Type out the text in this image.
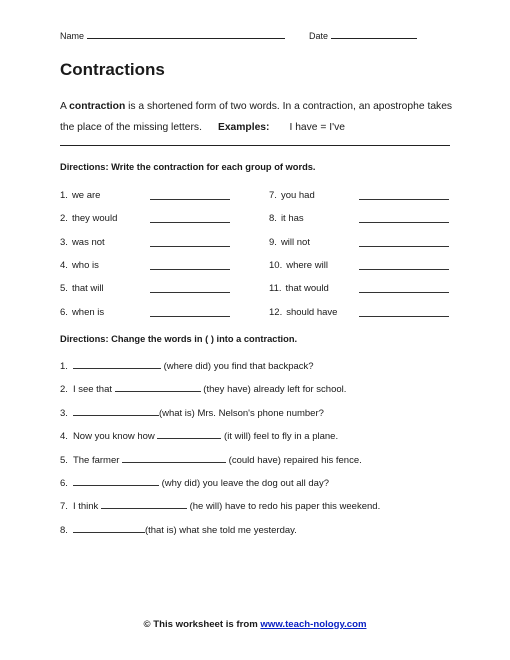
Name	Date
Contractions
A contraction is a shortened form of two words. In a contraction, an apostrophe takes the place of the missing letters. Examples: I have = I've
Directions: Write the contraction for each group of words.
1. we are
2. they would
3. was not
4. who is
5. that will
6. when is
7. you had
8. it has
9. will not
10. where will
11. that would
12. should have
Directions: Change the words in ( ) into a contraction.
1.	(where did) you find that backpack?
2. I see that	(they have) already left for school.
3.	(what is) Mrs. Nelson's phone number?
4. Now you know how	(it will) feel to fly in a plane.
5. The farmer	(could have) repaired his fence.
6.	(why did) you leave the dog out all day?
7. I think	(he will) have to redo his paper this weekend.
8.	(that is) what she told me yesterday.
© This worksheet is from www.teach-nology.com
